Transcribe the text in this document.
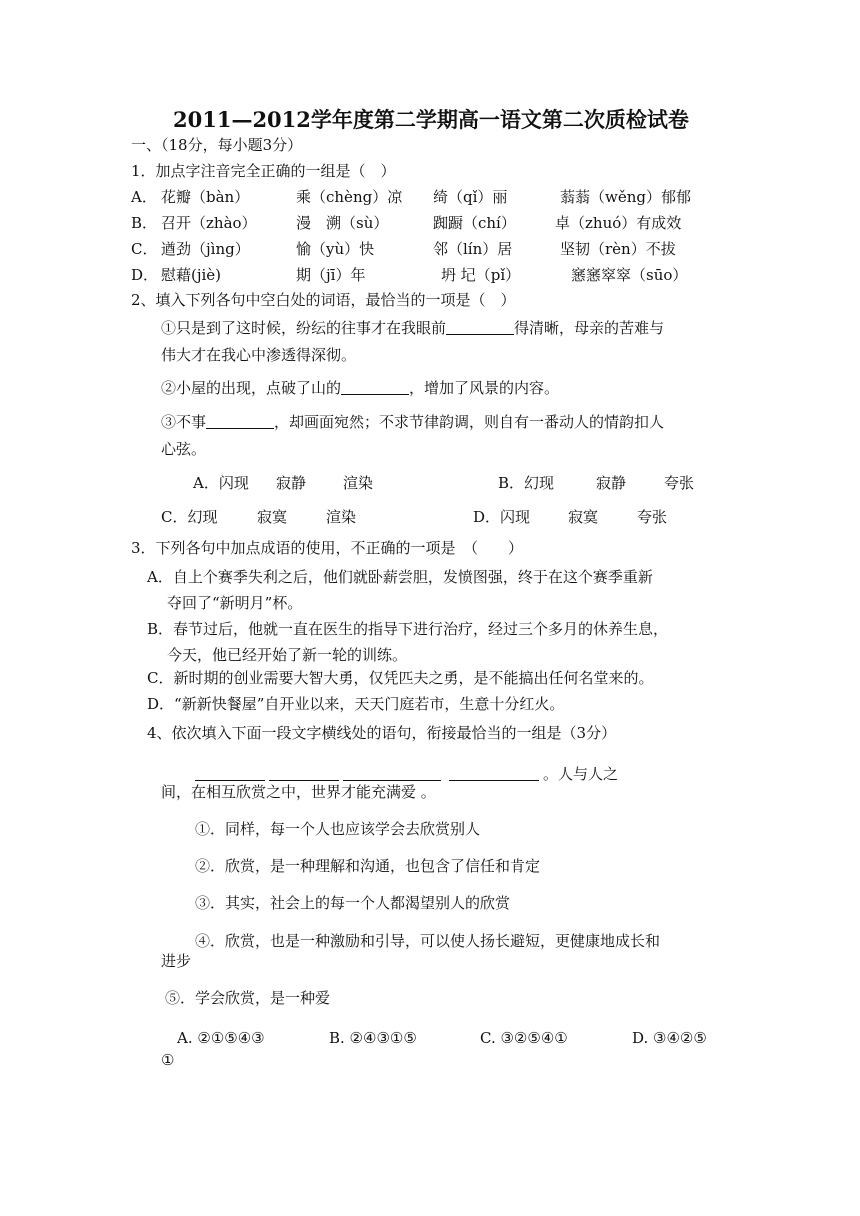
2011—2012学年度第二学期高一语文第二次质检试卷
一、（18分，每小题3分）
1．加点字注音完全正确的一组是（　）
A． 花瓣（bàn）	乘（chèng）凉 绮（qǐ）丽	蓊蓊（wěng）郁郁
B． 召开（zhào）	漫　溯（sù）	踟蹰（chí）	卓（zhuó）有成效
C． 遒劲（jìng）	愉（yù）快	邻（lín）居	坚韧（rèn）不拔
D． 慰藉(jiè)	期（jī）年	坍 圮（pǐ）	窸窸窣窣（sūo）
2、填入下列各句中空白处的词语，最恰当的一项是（　）
①只是到了这时候，纷纭的往事才在我眼前	得清晰，母亲的苦难与
伟大才在我心中渗透得深彻。
②小屋的出现，点破了山的	，增加了风景的内容。
③不事	，却画面宛然；不求节律韵调，则自有一番动人的情韵扣人
心弦。
A．闪现 寂静 渲染	B．幻现	寂静	夸张
C．幻现	寂寞	渲染	D．闪现	寂寞	夸张
3．下列各句中加点成语的使用，不正确的一项是　（　　）
A．自上个赛季失利之后，他们就卧薪尝胆，发愤图强，终于在这个赛季重新
夺回了“新明月”杯。
B．春节过后，他就一直在医生的指导下进行治疗，经过三个多月的休养生息，
今天，他已经开始了新一轮的训练。
C．新时期的创业需要大智大勇，仅凭匹夫之勇，是不能搞出任何名堂来的。
D．“新新快餐屋”自开业以来，天天门庭若市，生意十分红火。
4、依次填入下面一段文字横线处的语句，衔接最恰当的一组是（3分）
。人与人之
间，在相互欣赏之中，世界才能充满爱 。
①．同样，每一个人也应该学会去欣赏别人
②．欣赏，是一种理解和沟通，也包含了信任和肯定
③．其实，社会上的每一个人都渴望别人的欣赏
④．欣赏，也是一种激励和引导，可以使人扬长避短，更健康地成长和
进步
⑤．学会欣赏，是一种爱
A. ②①⑤④③	B. ②④③①⑤	C. ③②⑤④①	D. ③④②⑤
①
